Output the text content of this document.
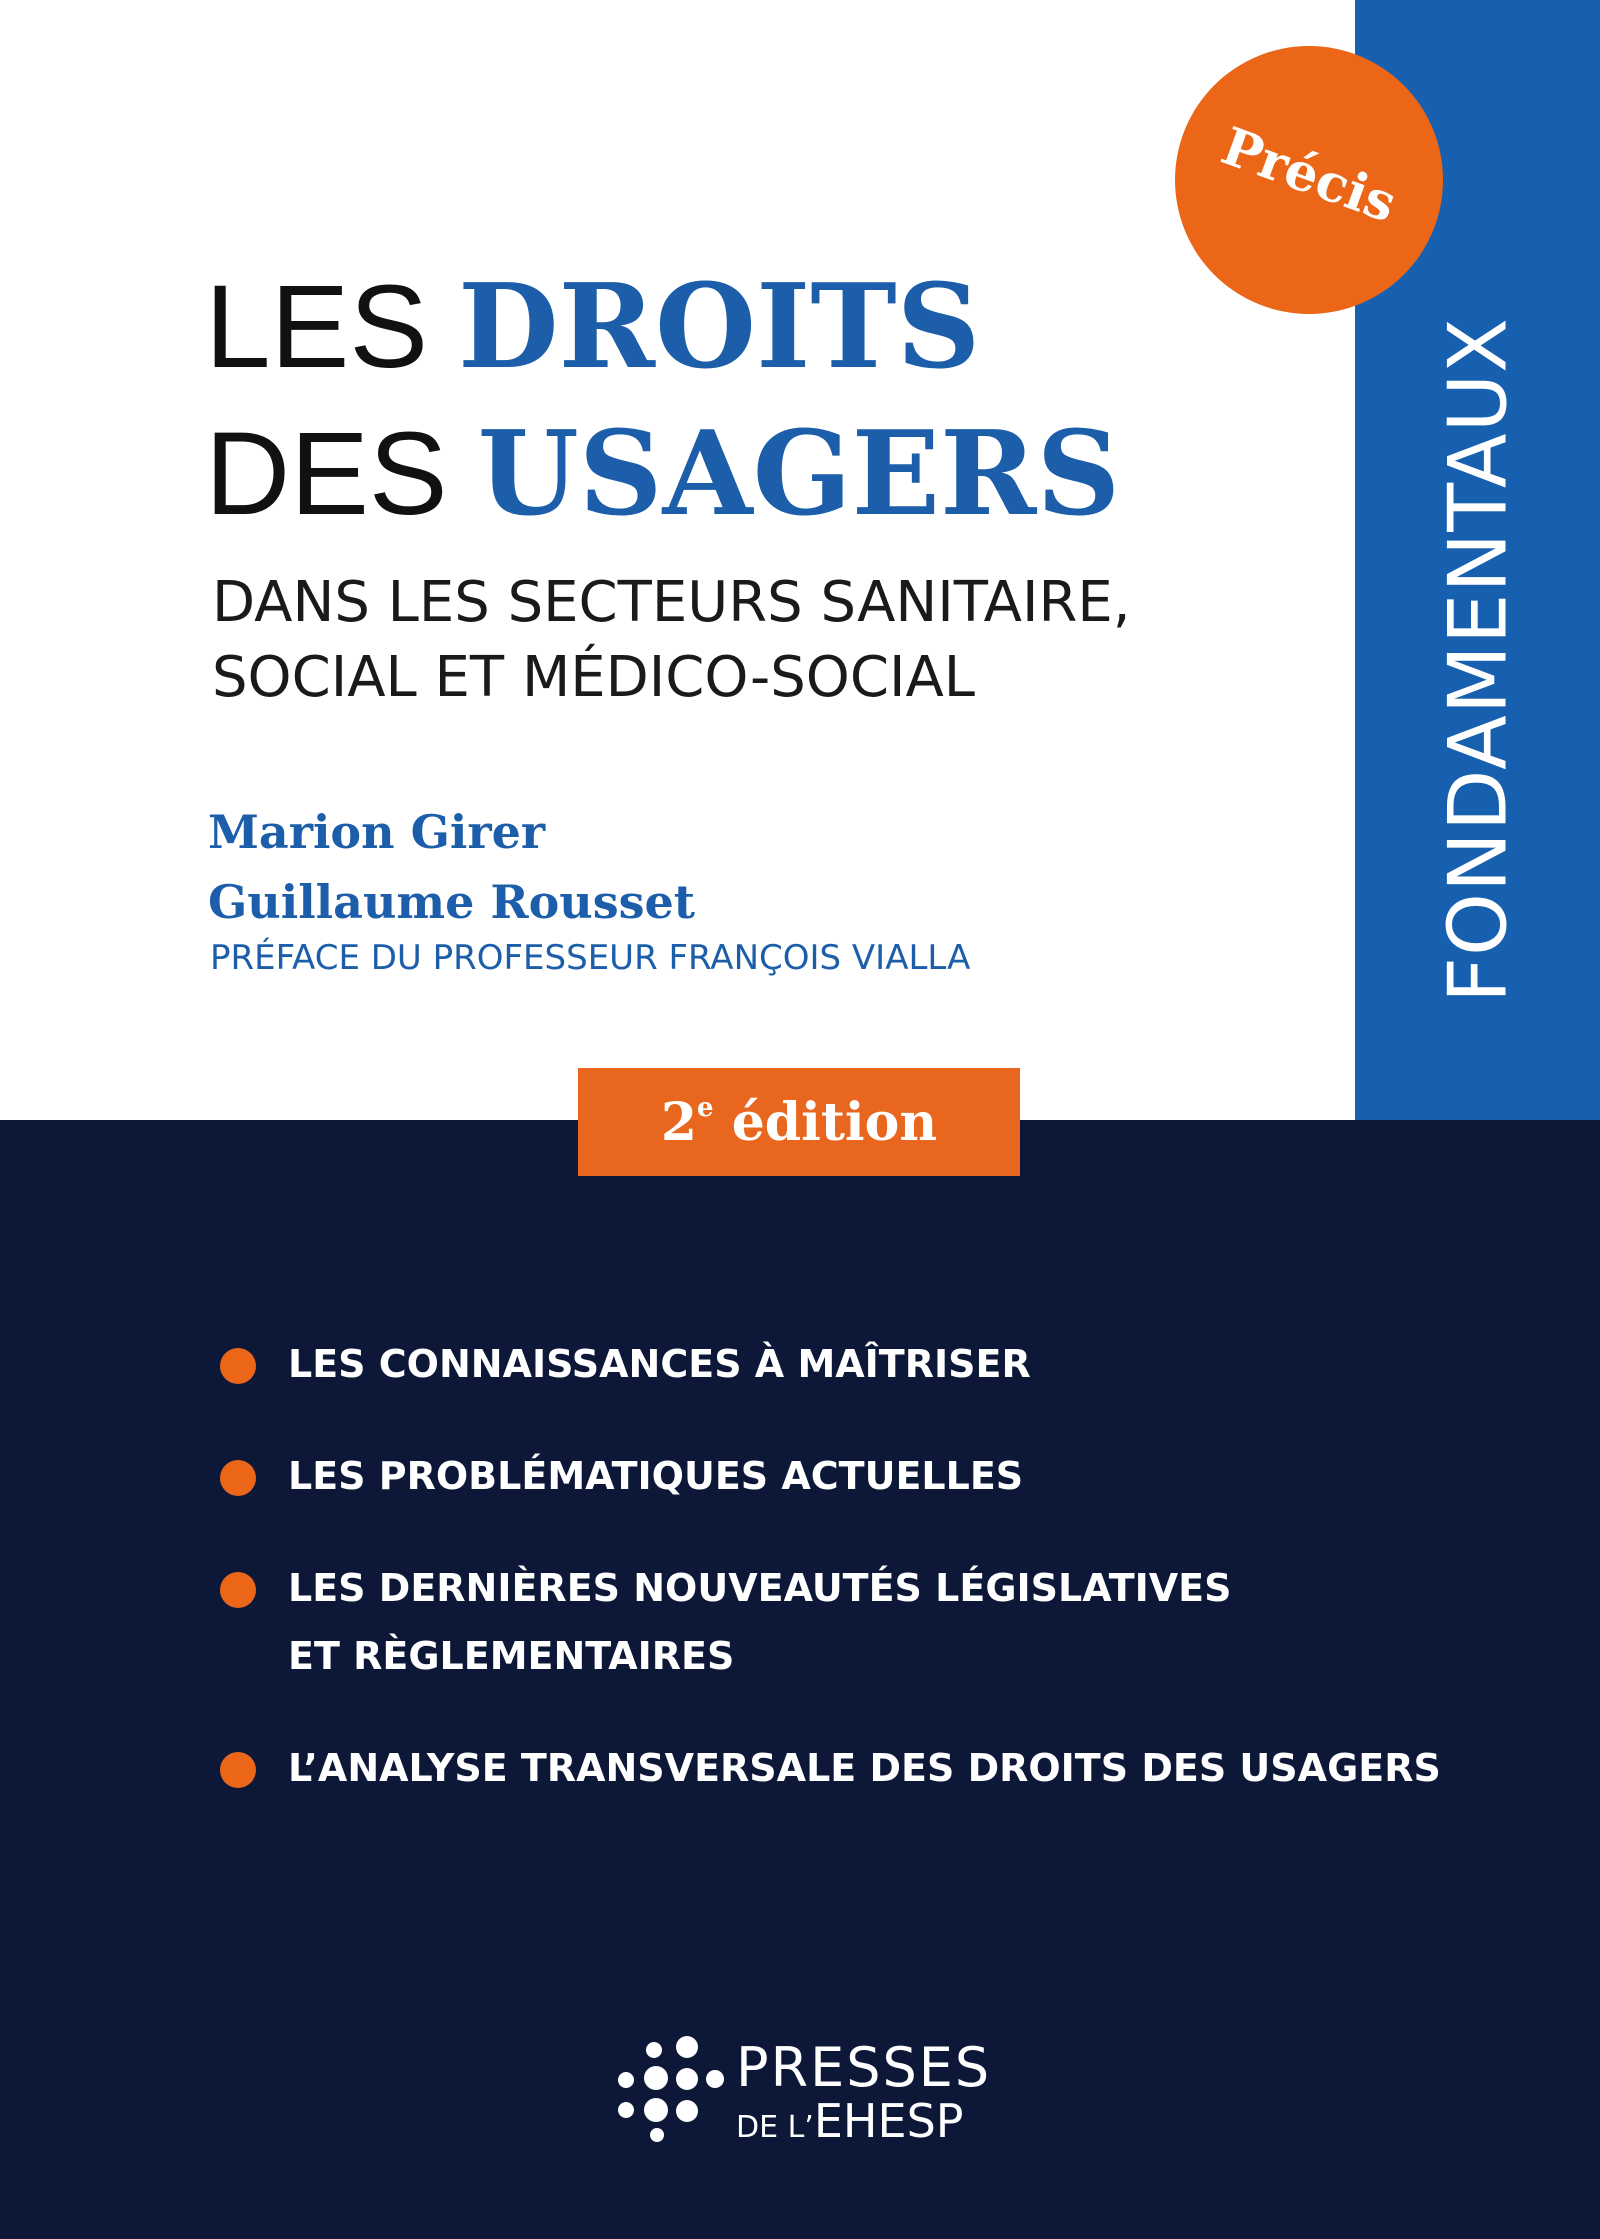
FONDAMENTAUX
Précis
LES DROITS
DES USAGERS
DANS LES SECTEURS SANITAIRE,
SOCIAL ET MÉDICO-SOCIAL
Marion Girer
Guillaume Rousset
PRÉFACE DU PROFESSEUR FRANÇOIS VIALLA
2e édition
LES CONNAISSANCES À MAÎTRISER
LES PROBLÉMATIQUES ACTUELLES
LES DERNIÈRES NOUVEAUTÉS LÉGISLATIVES
ET RÈGLEMENTAIRES
L’ANALYSE TRANSVERSALE DES DROITS DES USAGERS
PRESSES
DE L’EHESP
